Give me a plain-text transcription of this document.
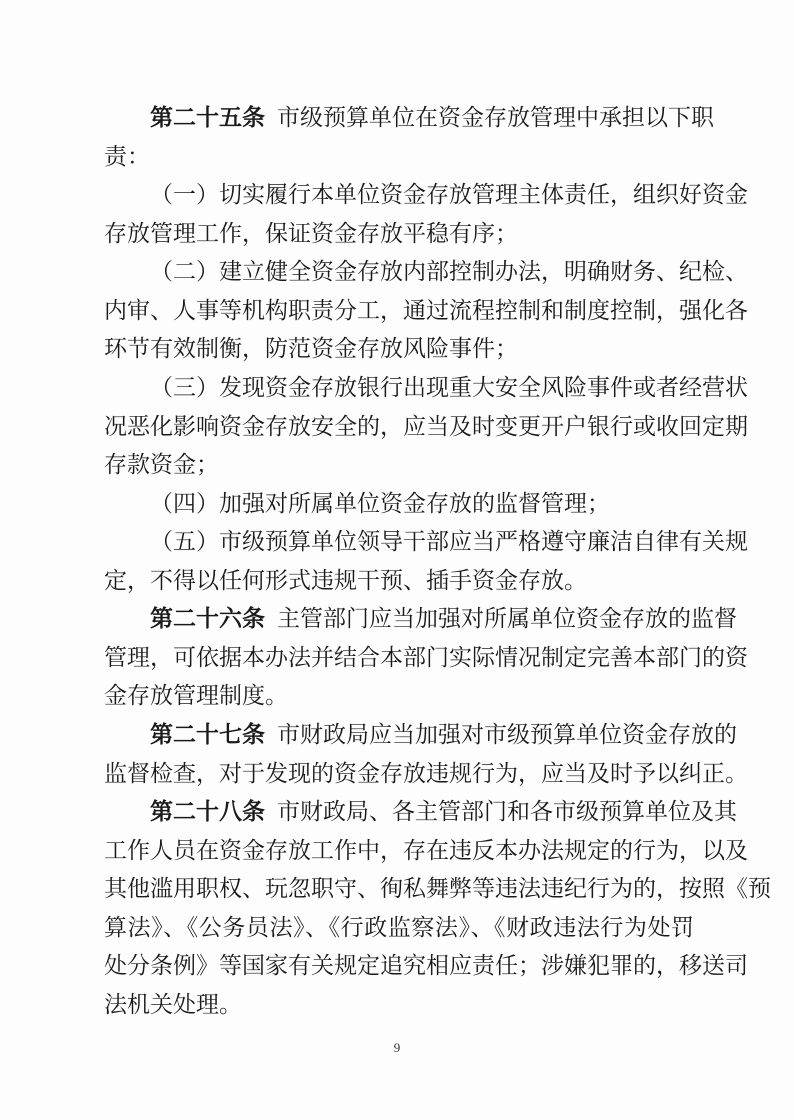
第二十五条 市级预算单位在资金存放管理中承担以下职
责：
（一）切实履行本单位资金存放管理主体责任，组织好资金
存放管理工作，保证资金存放平稳有序；
（二）建立健全资金存放内部控制办法，明确财务、纪检、
内审、人事等机构职责分工，通过流程控制和制度控制，强化各
环节有效制衡，防范资金存放风险事件；
（三）发现资金存放银行出现重大安全风险事件或者经营状
况恶化影响资金存放安全的，应当及时变更开户银行或收回定期
存款资金；
（四）加强对所属单位资金存放的监督管理；
（五）市级预算单位领导干部应当严格遵守廉洁自律有关规
定，不得以任何形式违规干预、插手资金存放。
第二十六条 主管部门应当加强对所属单位资金存放的监督
管理，可依据本办法并结合本部门实际情况制定完善本部门的资
金存放管理制度。
第二十七条 市财政局应当加强对市级预算单位资金存放的
监督检查，对于发现的资金存放违规行为，应当及时予以纠正。
第二十八条 市财政局、各主管部门和各市级预算单位及其
工作人员在资金存放工作中，存在违反本办法规定的行为，以及
其他滥用职权、玩忽职守、徇私舞弊等违法违纪行为的，按照《预
算法》、《公务员法》、《行政监察法》、《财政违法行为处罚
处分条例》等国家有关规定追究相应责任；涉嫌犯罪的，移送司
法机关处理。
9
